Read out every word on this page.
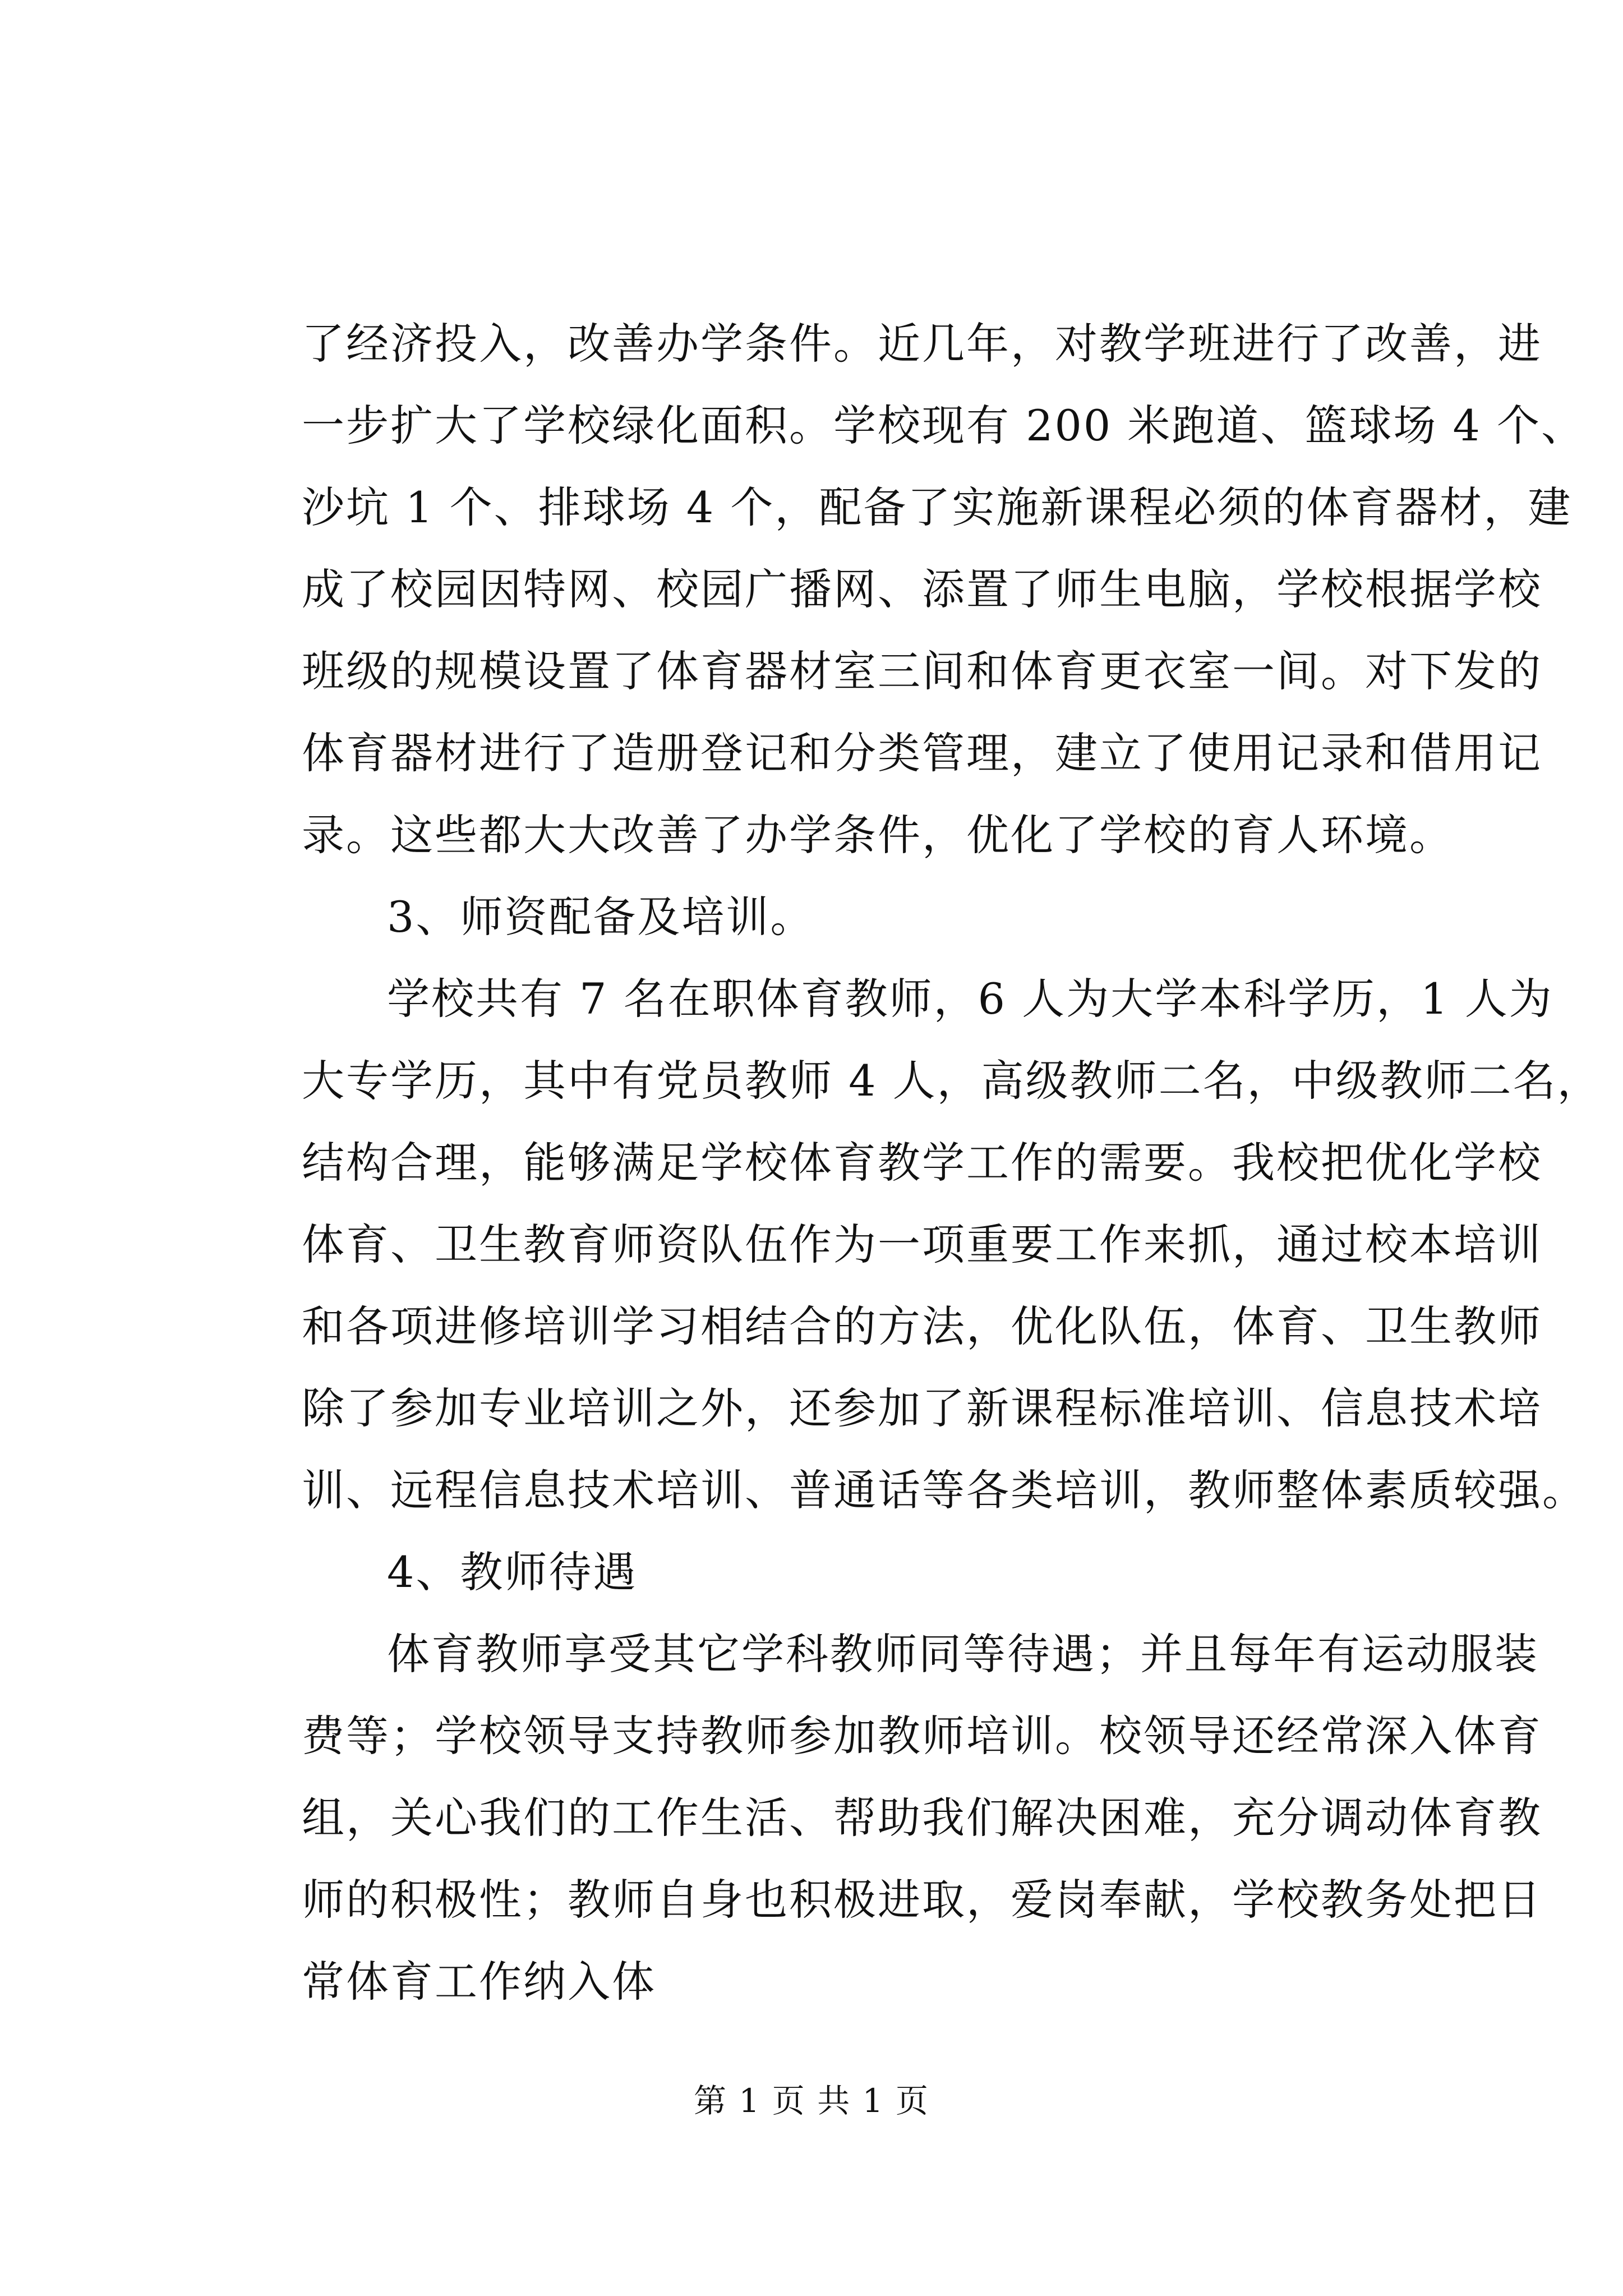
了经济投入，改善办学条件。近几年，对教学班进行了改善，进
一步扩大了学校绿化面积。学校现有 200 米跑道、篮球场 4 个、
沙坑 1 个、排球场 4 个，配备了实施新课程必须的体育器材，建
成了校园因特网、校园广播网、添置了师生电脑，学校根据学校
班级的规模设置了体育器材室三间和体育更衣室一间。对下发的
体育器材进行了造册登记和分类管理，建立了使用记录和借用记
录。这些都大大改善了办学条件，优化了学校的育人环境。
3、师资配备及培训。
学校共有 7 名在职体育教师，6 人为大学本科学历，1 人为
大专学历，其中有党员教师 4 人，高级教师二名，中级教师二名，
结构合理，能够满足学校体育教学工作的需要。我校把优化学校
体育、卫生教育师资队伍作为一项重要工作来抓，通过校本培训
和各项进修培训学习相结合的方法，优化队伍，体育、卫生教师
除了参加专业培训之外，还参加了新课程标准培训、信息技术培
训、远程信息技术培训、普通话等各类培训，教师整体素质较强。
4、教师待遇
体育教师享受其它学科教师同等待遇；并且每年有运动服装
费等；学校领导支持教师参加教师培训。校领导还经常深入体育
组，关心我们的工作生活、帮助我们解决困难，充分调动体育教
师的积极性；教师自身也积极进取，爱岗奉献，学校教务处把日
常体育工作纳入体
第 1 页 共 1 页
